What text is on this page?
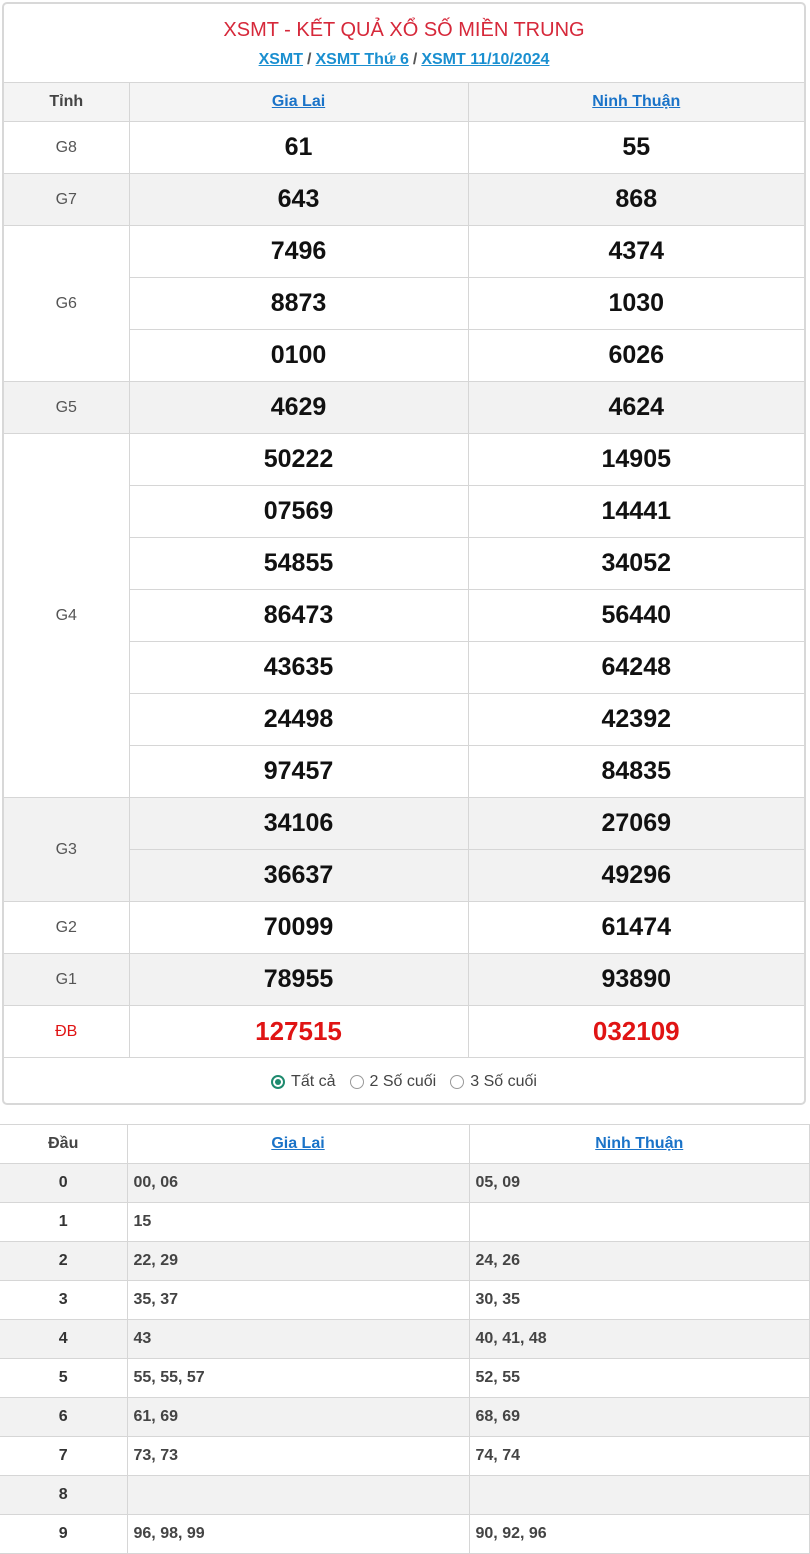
XSMT - KẾT QUẢ XỔ SỐ MIỀN TRUNG
XSMT / XSMT Thứ 6 / XSMT 11/10/2024
Tỉnh	Gia Lai	Ninh Thuận
G8	61	55
G7	643	868
G6	7496	4374
	8873	1030
	0100	6026
G5	4629	4624
G4	50222	14905
	07569	14441
	54855	34052
	86473	56440
	43635	64248
	24498	42392
	97457	84835
G3	34106	27069
	36637	49296
G2	70099	61474
G1	78955	93890
ĐB	127515	032109
Tất cả 2 Số cuối 3 Số cuối
Đầu	Gia Lai	Ninh Thuận
0	00, 06	05, 09
1	15	
2	22, 29	24, 26
3	35, 37	30, 35
4	43	40, 41, 48
5	55, 55, 57	52, 55
6	61, 69	68, 69
7	73, 73	74, 74
8		
9	96, 98, 99	90, 92, 96
